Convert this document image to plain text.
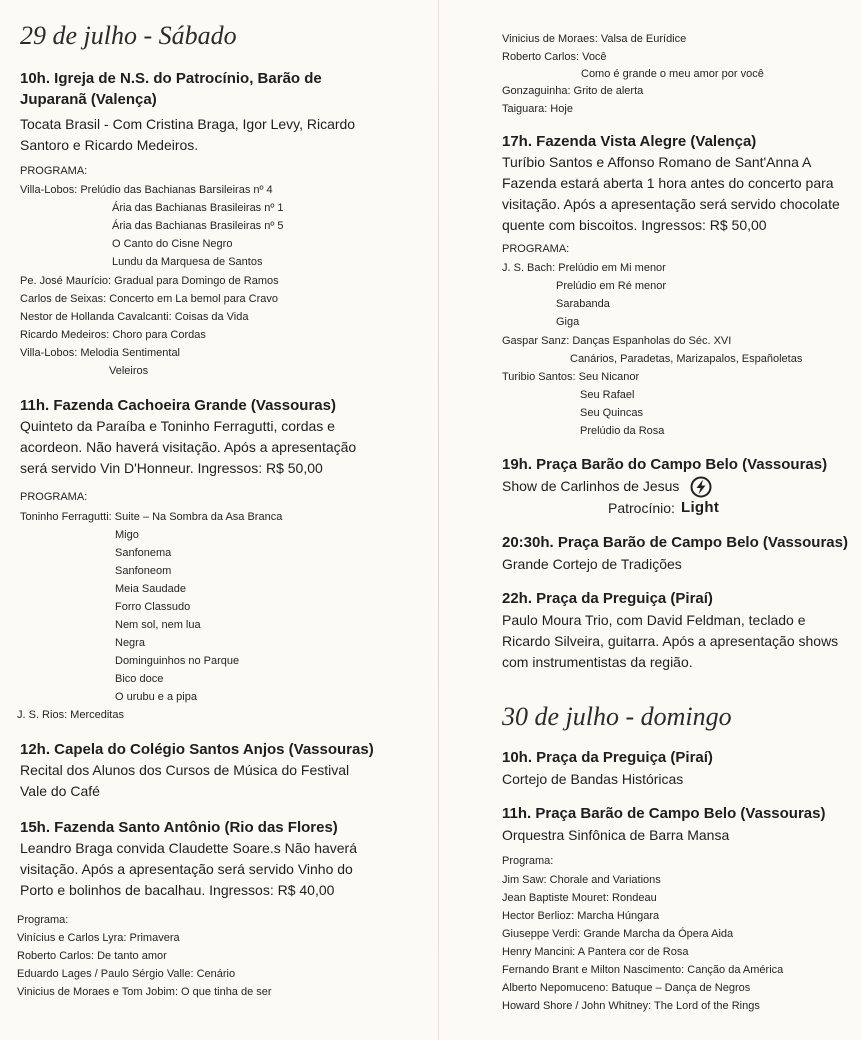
29 de julho - Sábado
10h. Igreja de N.S. do Patrocínio, Barão de Juparanã (Valença)
Tocata Brasil - Com Cristina Braga, Igor Levy, Ricardo Santoro e Ricardo Medeiros.
PROGRAMA:
Villa-Lobos: Prelúdio das Bachianas Barsileiras nº 4
Ária das Bachianas Brasileiras nº 1
Ária das Bachianas Brasileiras nº 5
O Canto do Cisne Negro
Lundu da Marquesa de Santos
Pe. José Maurício: Gradual para Domingo de Ramos
Carlos de Seixas: Concerto em La bemol para Cravo
Nestor de Hollanda Cavalcanti: Coisas da Vida
Ricardo Medeiros: Choro para Cordas
Villa-Lobos: Melodia Sentimental
Veleiros
11h. Fazenda Cachoeira Grande (Vassouras)
Quinteto da Paraíba e Toninho Ferragutti, cordas e acordeon. Não haverá visitação. Após a apresentação será servido Vin D'Honneur. Ingressos: R$ 50,00
PROGRAMA:
Toninho Ferragutti: Suite – Na Sombra da Asa Branca
Migo
Sanfonema
Sanfoneom
Meia Saudade
Forro Classudo
Nem sol, nem lua
Negra
Dominguinhos no Parque
Bico doce
O urubu e a pipa
J. S. Rios: Merceditas
12h. Capela do Colégio Santos Anjos (Vassouras)
Recital dos Alunos dos Cursos de Música do Festival Vale do Café
15h. Fazenda Santo Antônio (Rio das Flores)
Leandro Braga convida Claudette Soare.s Não haverá visitação. Após a apresentação será servido Vinho do Porto e bolinhos de bacalhau. Ingressos: R$ 40,00
Programa:
Vinícius e Carlos Lyra: Primavera
Roberto Carlos: De tanto amor
Eduardo Lages / Paulo Sérgio Valle: Cenário
Vinicius de Moraes e Tom Jobim: O que tinha de ser
Vinicius de Moraes: Valsa de Eurídice
Roberto Carlos: Você
Como é grande o meu amor por você
Gonzaguinha: Grito de alerta
Taiguara: Hoje
17h. Fazenda Vista Alegre (Valença)
Turíbio Santos e Affonso Romano de Sant'Anna A Fazenda estará aberta 1 hora antes do concerto para visitação. Após a apresentação será servido chocolate quente com biscoitos. Ingressos: R$ 50,00
PROGRAMA:
J. S. Bach: Prelúdio em Mi menor
Prelúdio em Ré menor
Sarabanda
Giga
Gaspar Sanz: Danças Espanholas do Séc. XVI
Canários, Paradetas, Marizapalos, Españoletas
Turibio Santos: Seu Nicanor
Seu Rafael
Seu Quincas
Prelúdio da Rosa
19h. Praça Barão do Campo Belo (Vassouras)
Show de Carlinhos de Jesus
Patrocínio: Light
20:30h. Praça Barão de Campo Belo (Vassouras)
Grande Cortejo de Tradições
22h. Praça da Preguiça (Piraí)
Paulo Moura Trio, com David Feldman, teclado e Ricardo Silveira, guitarra. Após a apresentação shows com instrumentistas da região.
30 de julho - domingo
10h. Praça da Preguiça (Piraí)
Cortejo de Bandas Históricas
11h. Praça Barão de Campo Belo (Vassouras)
Orquestra Sinfônica de Barra Mansa
Programa:
Jim Saw: Chorale and Variations
Jean Baptiste Mouret: Rondeau
Hector Berlioz: Marcha Húngara
Giuseppe Verdi: Grande Marcha da Ópera Aida
Henry Mancini: A Pantera cor de Rosa
Fernando Brant e Milton Nascimento: Canção da América
Alberto Nepomuceno: Batuque – Dança de Negros
Howard Shore / John Whitney: The Lord of the Rings
